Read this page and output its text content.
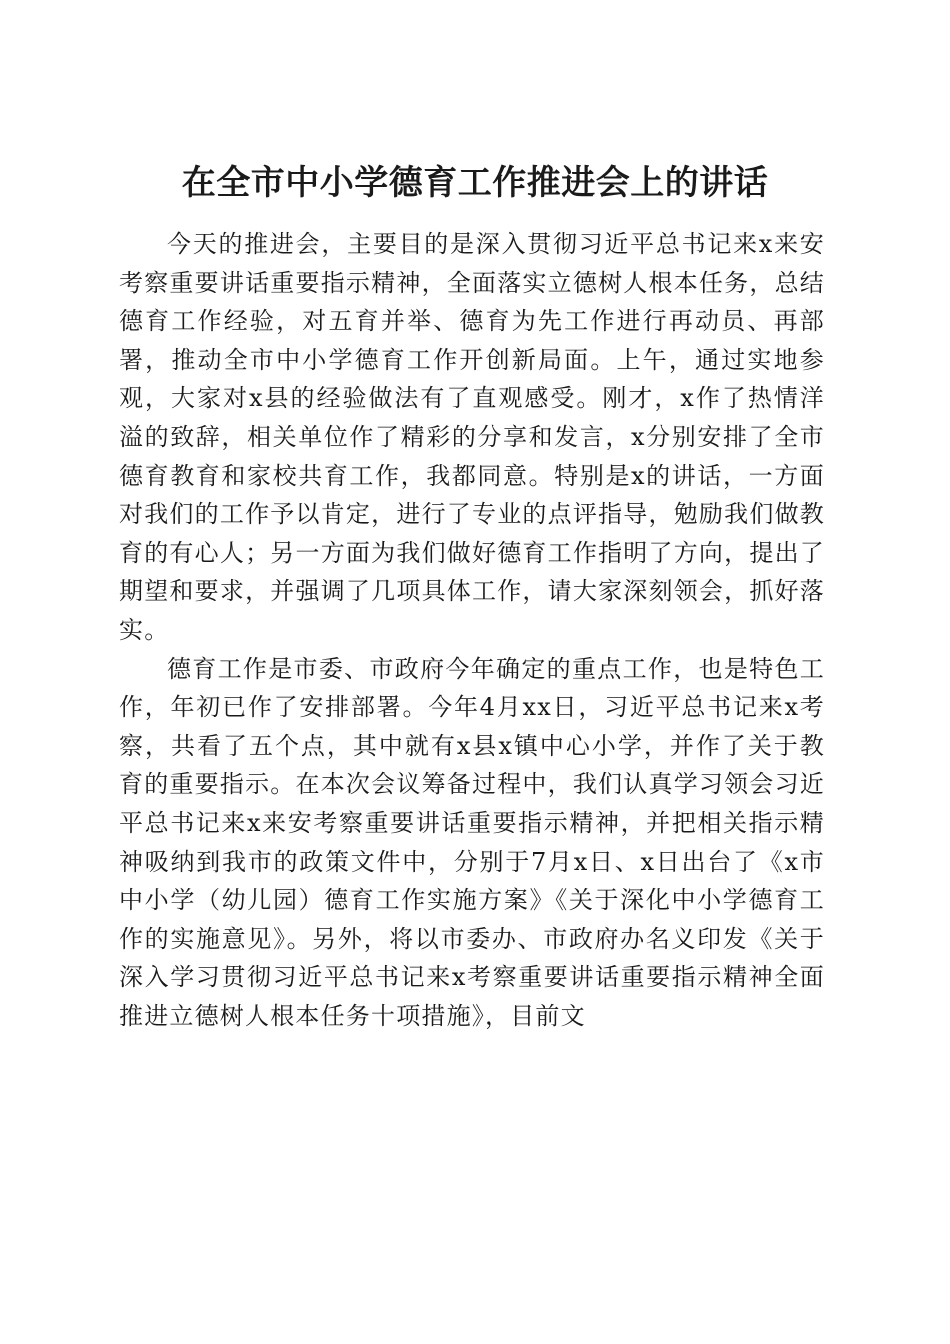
在全市中小学德育工作推进会上的讲话

今天的推进会，主要目的是深入贯彻习近平总书记来x来安考察重要讲话重要指示精神，全面落实立德树人根本任务，总结德育工作经验，对五育并举、德育为先工作进行再动员、再部署，推动全市中小学德育工作开创新局面。上午，通过实地参观，大家对x县的经验做法有了直观感受。刚才，x作了热情洋溢的致辞，相关单位作了精彩的分享和发言，x分别安排了全市德育教育和家校共育工作，我都同意。特别是x的讲话，一方面对我们的工作予以肯定，进行了专业的点评指导，勉励我们做教育的有心人；另一方面为我们做好德育工作指明了方向，提出了期望和要求，并强调了几项具体工作，请大家深刻领会，抓好落实。

德育工作是市委、市政府今年确定的重点工作，也是特色工作，年初已作了安排部署。今年4月xx日，习近平总书记来x考察，共看了五个点，其中就有x县x镇中心小学，并作了关于教育的重要指示。在本次会议筹备过程中，我们认真学习领会习近平总书记来x来安考察重要讲话重要指示精神，并把相关指示精神吸纳到我市的政策文件中，分别于7月x日、x日出台了《x市中小学（幼儿园）德育工作实施方案》《关于深化中小学德育工作的实施意见》。另外，将以市委办、市政府办名义印发《关于深入学习贯彻习近平总书记来x考察重要讲话重要指示精神全面推进立德树人根本任务十项措施》，目前文
